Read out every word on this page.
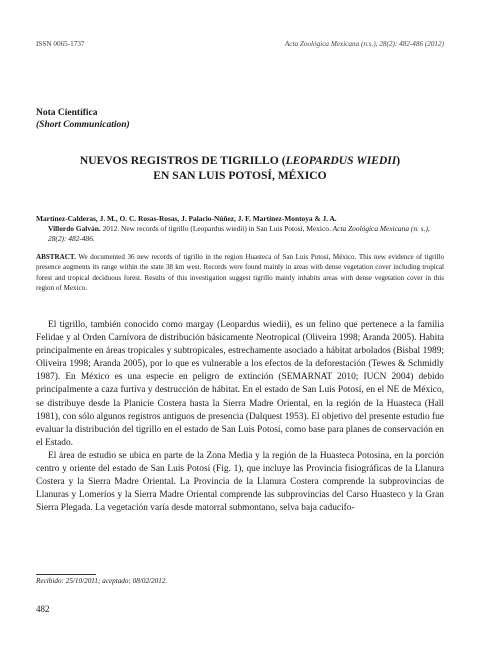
ISSN 0065-1737	Acta Zoológica Mexicana (n.s.), 28(2): 482-486 (2012)
Nota Científica
(Short Communication)
NUEVOS REGISTROS DE TIGRILLO (LEOPARDUS WIEDII)
EN SAN LUIS POTOSÍ, MÉXICO
Martínez-Calderas, J. M., O. C. Rosas-Rosas, J. Palacio-Núñez, J. F. Martínez-Montoya & J. A.
Villordo Galván. 2012. New records of tigrillo (Leopardus wiedii) in San Luis Potosí, Mexico. Acta Zoológica Mexicana (n. s.), 28(2): 482-486.
ABSTRACT. We documented 36 new records of tigrillo in the region Huasteca of San Luis Potosí, México. This new evidence of tigrillo presence augments its range within the state 38 km west. Records were found mainly in areas with dense vegetation cover including tropical forest and tropical deciduous forest. Results of this investigation suggest tigrillo mainly inhabits areas with dense vegetation cover in this region of Mexico.

El tigrillo, también conocido como margay (Leopardus wiedii), es un felino que pertenece a la familia Felidae y al Orden Carnívora de distribución básicamente Neotropical (Oliveira 1998; Aranda 2005). Habita principalmente en áreas tropicales y subtropicales, estrechamente asociado a hábitat arbolados (Bisbal 1989; Oliveira 1998; Aranda 2005), por lo que es vulnerable a los efectos de la deforestación (Tewes & Schmidly 1987). En México es una especie en peligro de extinción (SEMARNAT 2010; IUCN 2004) debido principalmente a caza furtiva y destrucción de hábitat. En el estado de San Luis Potosí, en el NE de México, se distribuye desde la Planicie Costera hasta la Sierra Madre Oriental, en la región de la Huasteca (Hall 1981), con sólo algunos registros antiguos de presencia (Dalquest 1953). El objetivo del presente estudio fue evaluar la distribución del tigrillo en el estado de San Luis Potosí, como base para planes de conservación en el Estado.

El área de estudio se ubica en parte de la Zona Media y la región de la Huasteca Potosina, en la porción centro y oriente del estado de San Luis Potosí (Fig. 1), que incluye las Provincia fisiográficas de la Llanura Costera y la Sierra Madre Oriental. La Provincia de la Llanura Costera comprende la subprovincias de Llanuras y Lomeríos y la Sierra Madre Oriental comprende las subprovincias del Carso Huasteco y la Gran Sierra Plegada. La vegetación varía desde matorral submontano, selva baja caducifo-

Recibido: 25/10/2011; aceptado: 08/02/2012.
482
